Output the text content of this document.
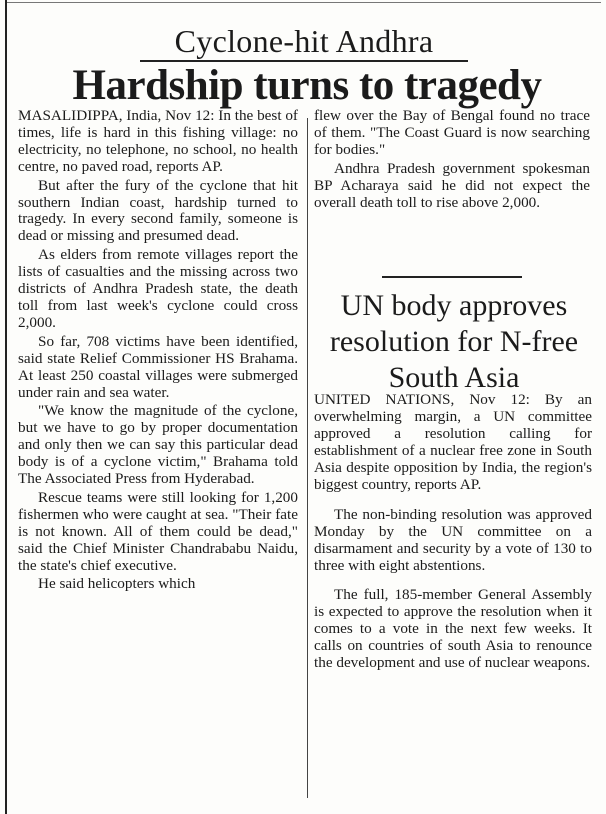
Cyclone-hit Andhra
Hardship turns to tragedy

MASALIDIPPA, India, Nov 12: In the best of times, life is hard in this fishing village: no electricity, no telephone, no school, no health centre, no paved road, reports AP.

But after the fury of the cyclone that hit southern Indian coast, hardship turned to tragedy. In every second family, someone is dead or missing and presumed dead.

As elders from remote villages report the lists of casualties and the missing across two districts of Andhra Pradesh state, the death toll from last week's cyclone could cross 2,000.

So far, 708 victims have been identified, said state Relief Commissioner HS Brahama. At least 250 coastal villages were submerged under rain and sea water.

"We know the magnitude of the cyclone, but we have to go by proper documentation and only then we can say this particular dead body is of a cyclone victim," Brahama told The Associated Press from Hyderabad.

Rescue teams were still looking for 1,200 fishermen who were caught at sea. "Their fate is not known. All of them could be dead," said the Chief Minister Chandrababu Naidu, the state's chief executive.

He said helicopters which

flew over the Bay of Bengal found no trace of them. "The Coast Guard is now searching for bodies."

Andhra Pradesh government spokesman BP Acharaya said he did not expect the overall death toll to rise above 2,000.

UN body approves resolution for N-free South Asia

UNITED NATIONS, Nov 12: By an overwhelming margin, a UN committee approved a resolution calling for establishment of a nuclear free zone in South Asia despite opposition by India, the region's biggest country, reports AP.

The non-binding resolution was approved Monday by the UN committee on a disarmament and security by a vote of 130 to three with eight abstentions.

The full, 185-member General Assembly is expected to approve the resolution when it comes to a vote in the next few weeks. It calls on countries of south Asia to renounce the development and use of nuclear weapons.
